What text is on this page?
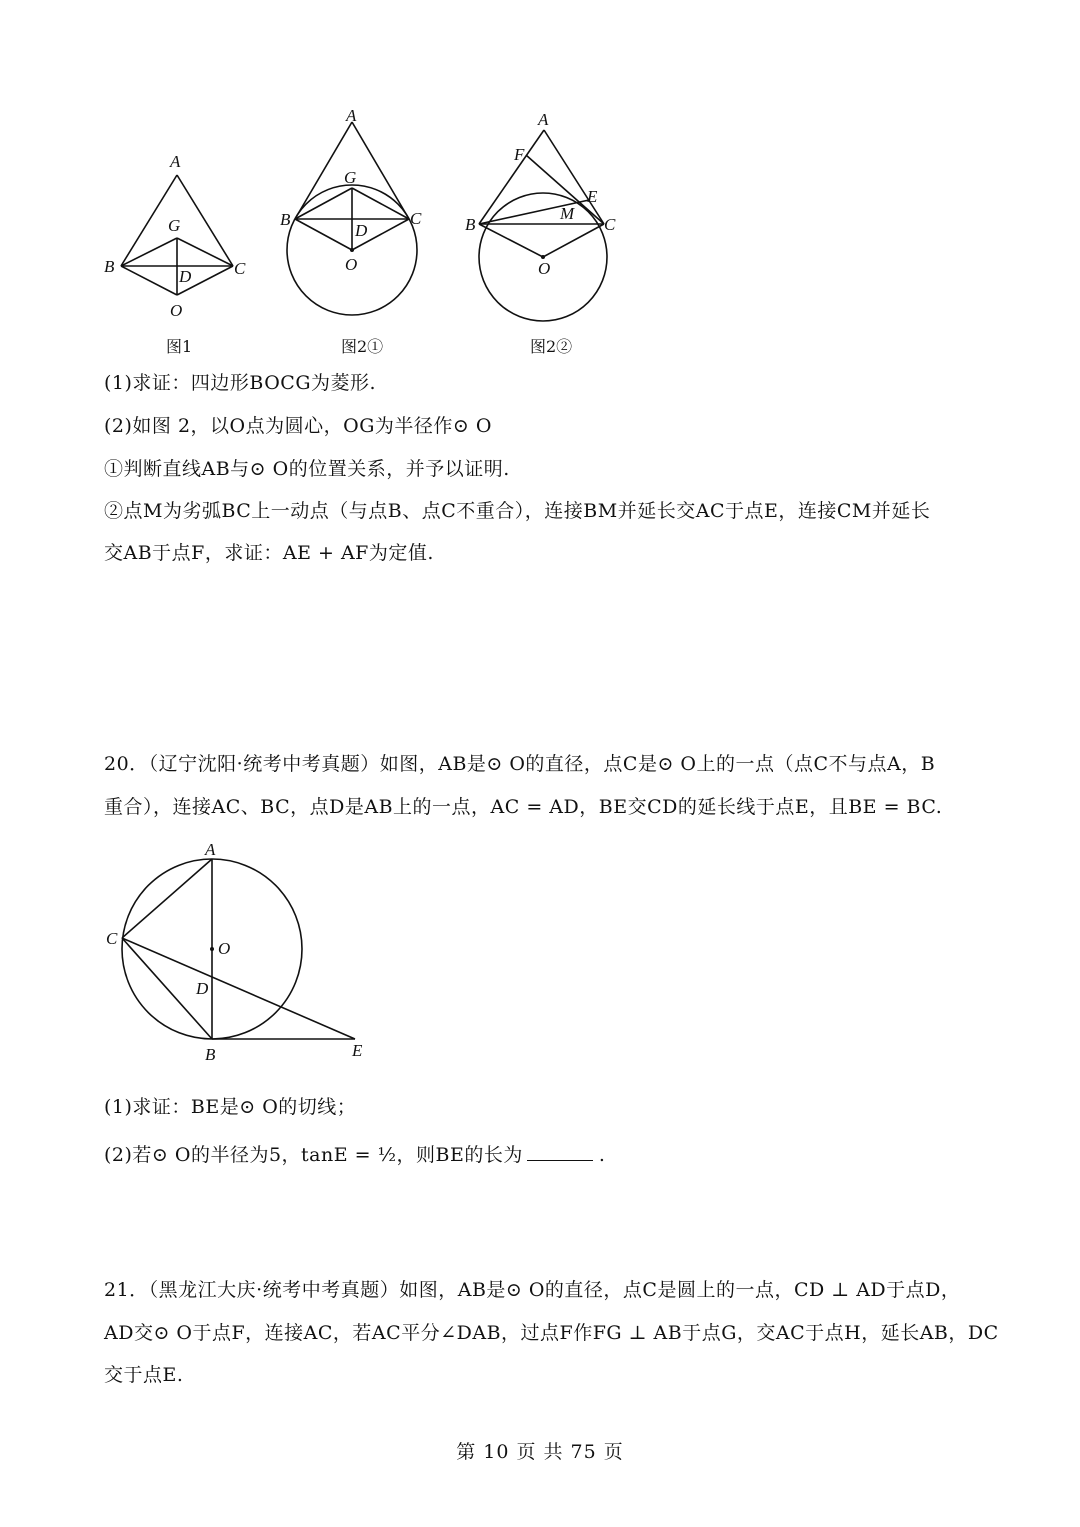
A
G
B	C
D
O
图1
A
G
B	C
D
O
图2①
A
F
E
M
B	C
O
图2②
(1)求证：四边形BOCG为菱形.
(2)如图 2，以O点为圆心，OG为半径作⊙ O
①判断直线AB与⊙ O的位置关系，并予以证明.
②点M为劣弧BC上一动点（与点B、点C不重合），连接BM并延长交AC于点E，连接CM并延长
交AB于点F，求证：AE + AF为定值.
20．（辽宁沈阳·统考中考真题）如图，AB是⊙ O的直径，点C是⊙ O上的一点（点C不与点A，B
重合），连接AC、BC，点D是AB上的一点，AC = AD，BE交CD的延长线于点E，且BE = BC.
A
C
O
D
B	E
(1)求证：BE是⊙ O的切线；
(2)若⊙ O的半径为5，tanE = ½，则BE的长为	.
21．（黑龙江大庆·统考中考真题）如图，AB是⊙ O的直径，点C是圆上的一点，CD ⊥ AD于点D，
AD交⊙ O于点F，连接AC，若AC平分∠DAB，过点F作FG ⊥ AB于点G，交AC于点H，延长AB，DC
交于点E.
第 10 页 共 75 页
